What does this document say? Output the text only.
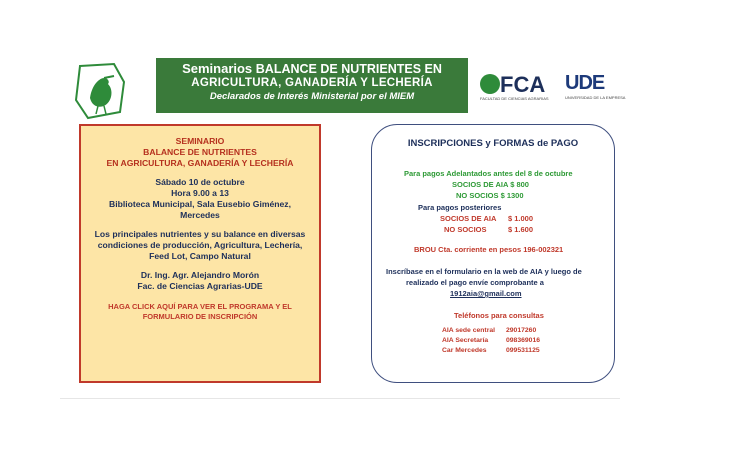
Seminarios BALANCE DE NUTRIENTES EN
AGRICULTURA, GANADERÍA Y LECHERÍA
Declarados de Interés Ministerial por el MIEM	FCA
FACULTAD DE CIENCIAS AGRARIAS
UDE
UNIVERSIDAD DE LA EMPRESA
SEMINARIO
BALANCE DE NUTRIENTES
EN AGRICULTURA, GANADERÍA Y LECHERÍA
Sábado 10 de octubre
Hora 9.00 a 13
Biblioteca Municipal, Sala Eusebio Giménez,
Mercedes
Los principales nutrientes y su balance en diversas
condiciones de producción, Agricultura, Lechería,
Feed Lot, Campo Natural
Dr. Ing. Agr. Alejandro Morón
Fac. de Ciencias Agrarias-UDE
HAGA CLICK AQUÍ PARA VER EL PROGRAMA Y EL
FORMULARIO DE INSCRIPCIÓN
INSCRIPCIONES y FORMAS de PAGO
Para pagos Adelantados antes del 8 de octubre
SOCIOS DE AIA $ 800
NO SOCIOS $ 1300
Para pagos posteriores
SOCIOS DE AIA $ 1.000
NO SOCIOS	$ 1.600
BROU Cta. corriente en pesos 196-002321
Inscríbase en el formulario en la web de AIA y luego de
realizado el pago envíe comprobante a
1912aia@gmail.com
Teléfonos para consultas
AIA sede central 29017260
AIA Secretaría	098369016
Car Mercedes	099531125
